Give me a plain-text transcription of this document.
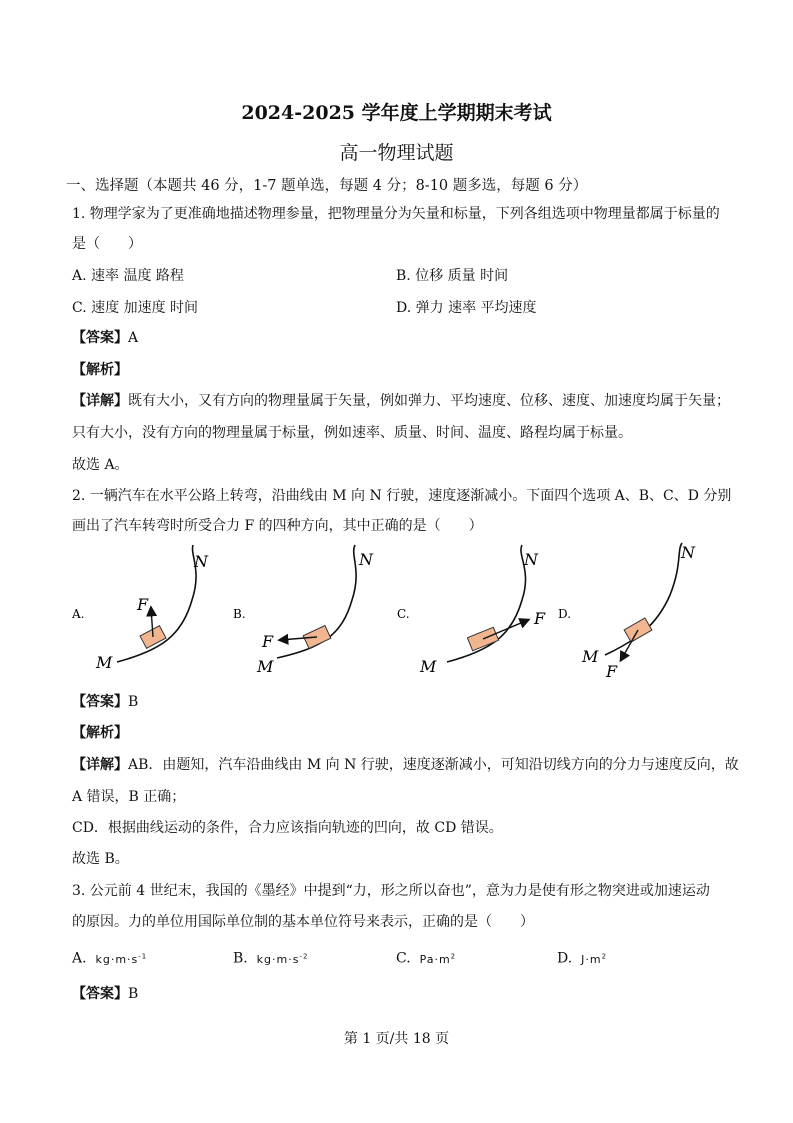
2024-2025 学年度上学期期末考试
高一物理试题
一、选择题（本题共 46 分，1-7 题单选，每题 4 分；8-10 题多选，每题 6 分）
1. 物理学家为了更准确地描述物理参量，把物理量分为矢量和标量，下列各组选项中物理量都属于标量的
是（　　）
A. 速率 温度 路程	B. 位移 质量 时间
C. 速度 加速度 时间	D. 弹力 速率 平均速度
【答案】A
【解析】
【详解】既有大小，又有方向的物理量属于矢量，例如弹力、平均速度、位移、速度、加速度均属于矢量；
只有大小，没有方向的物理量属于标量，例如速率、质量、时间、温度、路程均属于标量。
故选 A。
2. 一辆汽车在水平公路上转弯，沿曲线由 M 向 N 行驶，速度逐渐减小。下面四个选项 A、B、C、D 分别
画出了汽车转弯时所受合力 F 的四种方向，其中正确的是（　　）
A.	F
M
N
B.
F
M
N
C.	F
M
N
D.
F
M
N
【答案】B
【解析】
【详解】AB．由题知，汽车沿曲线由 M 向 N 行驶，速度逐渐减小，可知沿切线方向的分力与速度反向，故
A 错误，B 正确；
CD．根据曲线运动的条件，合力应该指向轨迹的凹向，故 CD 错误。
故选 B。
3. 公元前 4 世纪末，我国的《墨经》中提到“力，形之所以奋也”，意为力是使有形之物突进或加速运动
的原因。力的单位用国际单位制的基本单位符号来表示，正确的是（　　）
A. $kg\cdot m\cdot s^{-1}$	B. $kg\cdot m\cdot s^{-2}$	C. $Pa\cdot m^2$	D. $J\cdot m^2$
【答案】B
第 1 页/共 18 页
